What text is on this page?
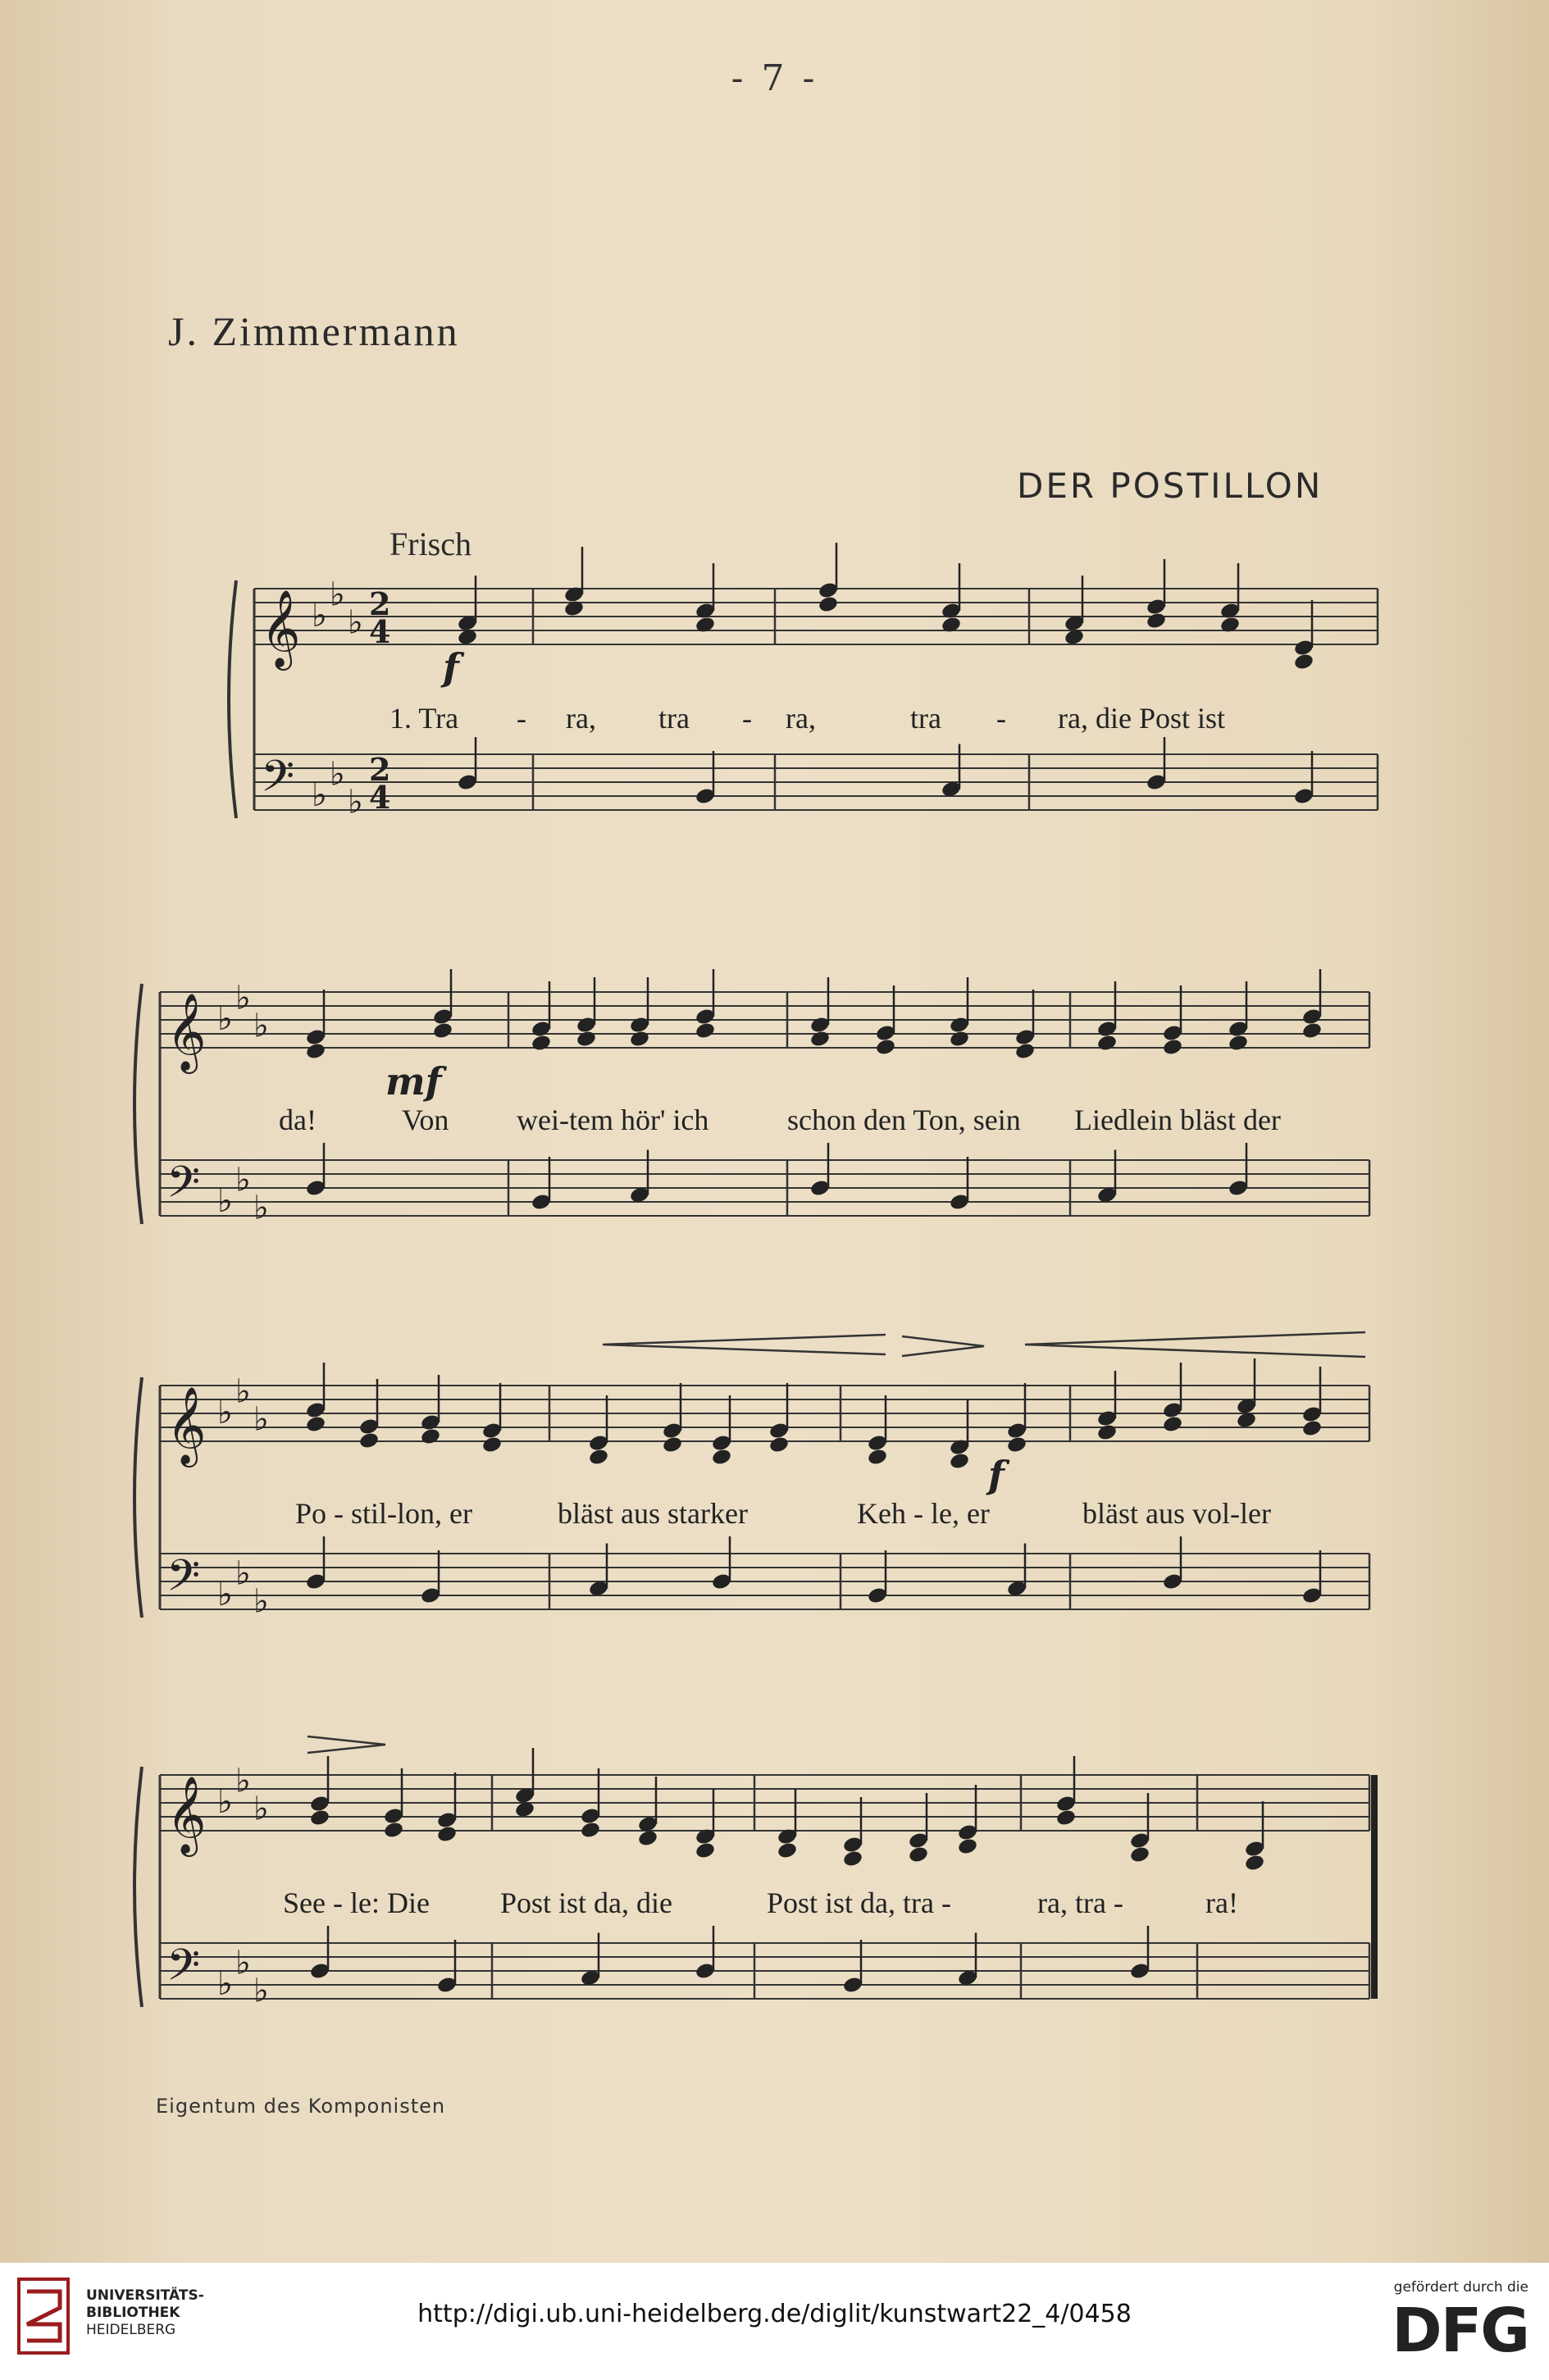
- 7 -
J. Zimmermann
DER POSTILLON
Frisch
Eigentum des Komponisten
𝄞
𝄢
♭
♭
♭
♭
♭
♭
2
4
2
4
1. Tra - ra, tra - ra,	tra - ra, die Post ist
f
𝄞
𝄢
♭
♭
♭
♭
♭
♭
da!	Von wei-tem hör' ich	schon den Ton, sein Liedlein bläst der
mf
𝄞
𝄢
♭
♭
♭
♭
♭
♭
Po - stil-lon, er	bläst aus starker	Keh - le, er	bläst aus vol-ler
f
𝄞
𝄢
♭
♭
♭
♭
♭
♭
See - le: Die Post ist da, die	Post ist da, tra -	ra, tra -	ra!
UNIVERSITÄTS-
BIBLIOTHEK
HEIDELBERG
http://digi.ub.uni-heidelberg.de/diglit/kunstwart22_4/0458
gefördert durch die
DFG
